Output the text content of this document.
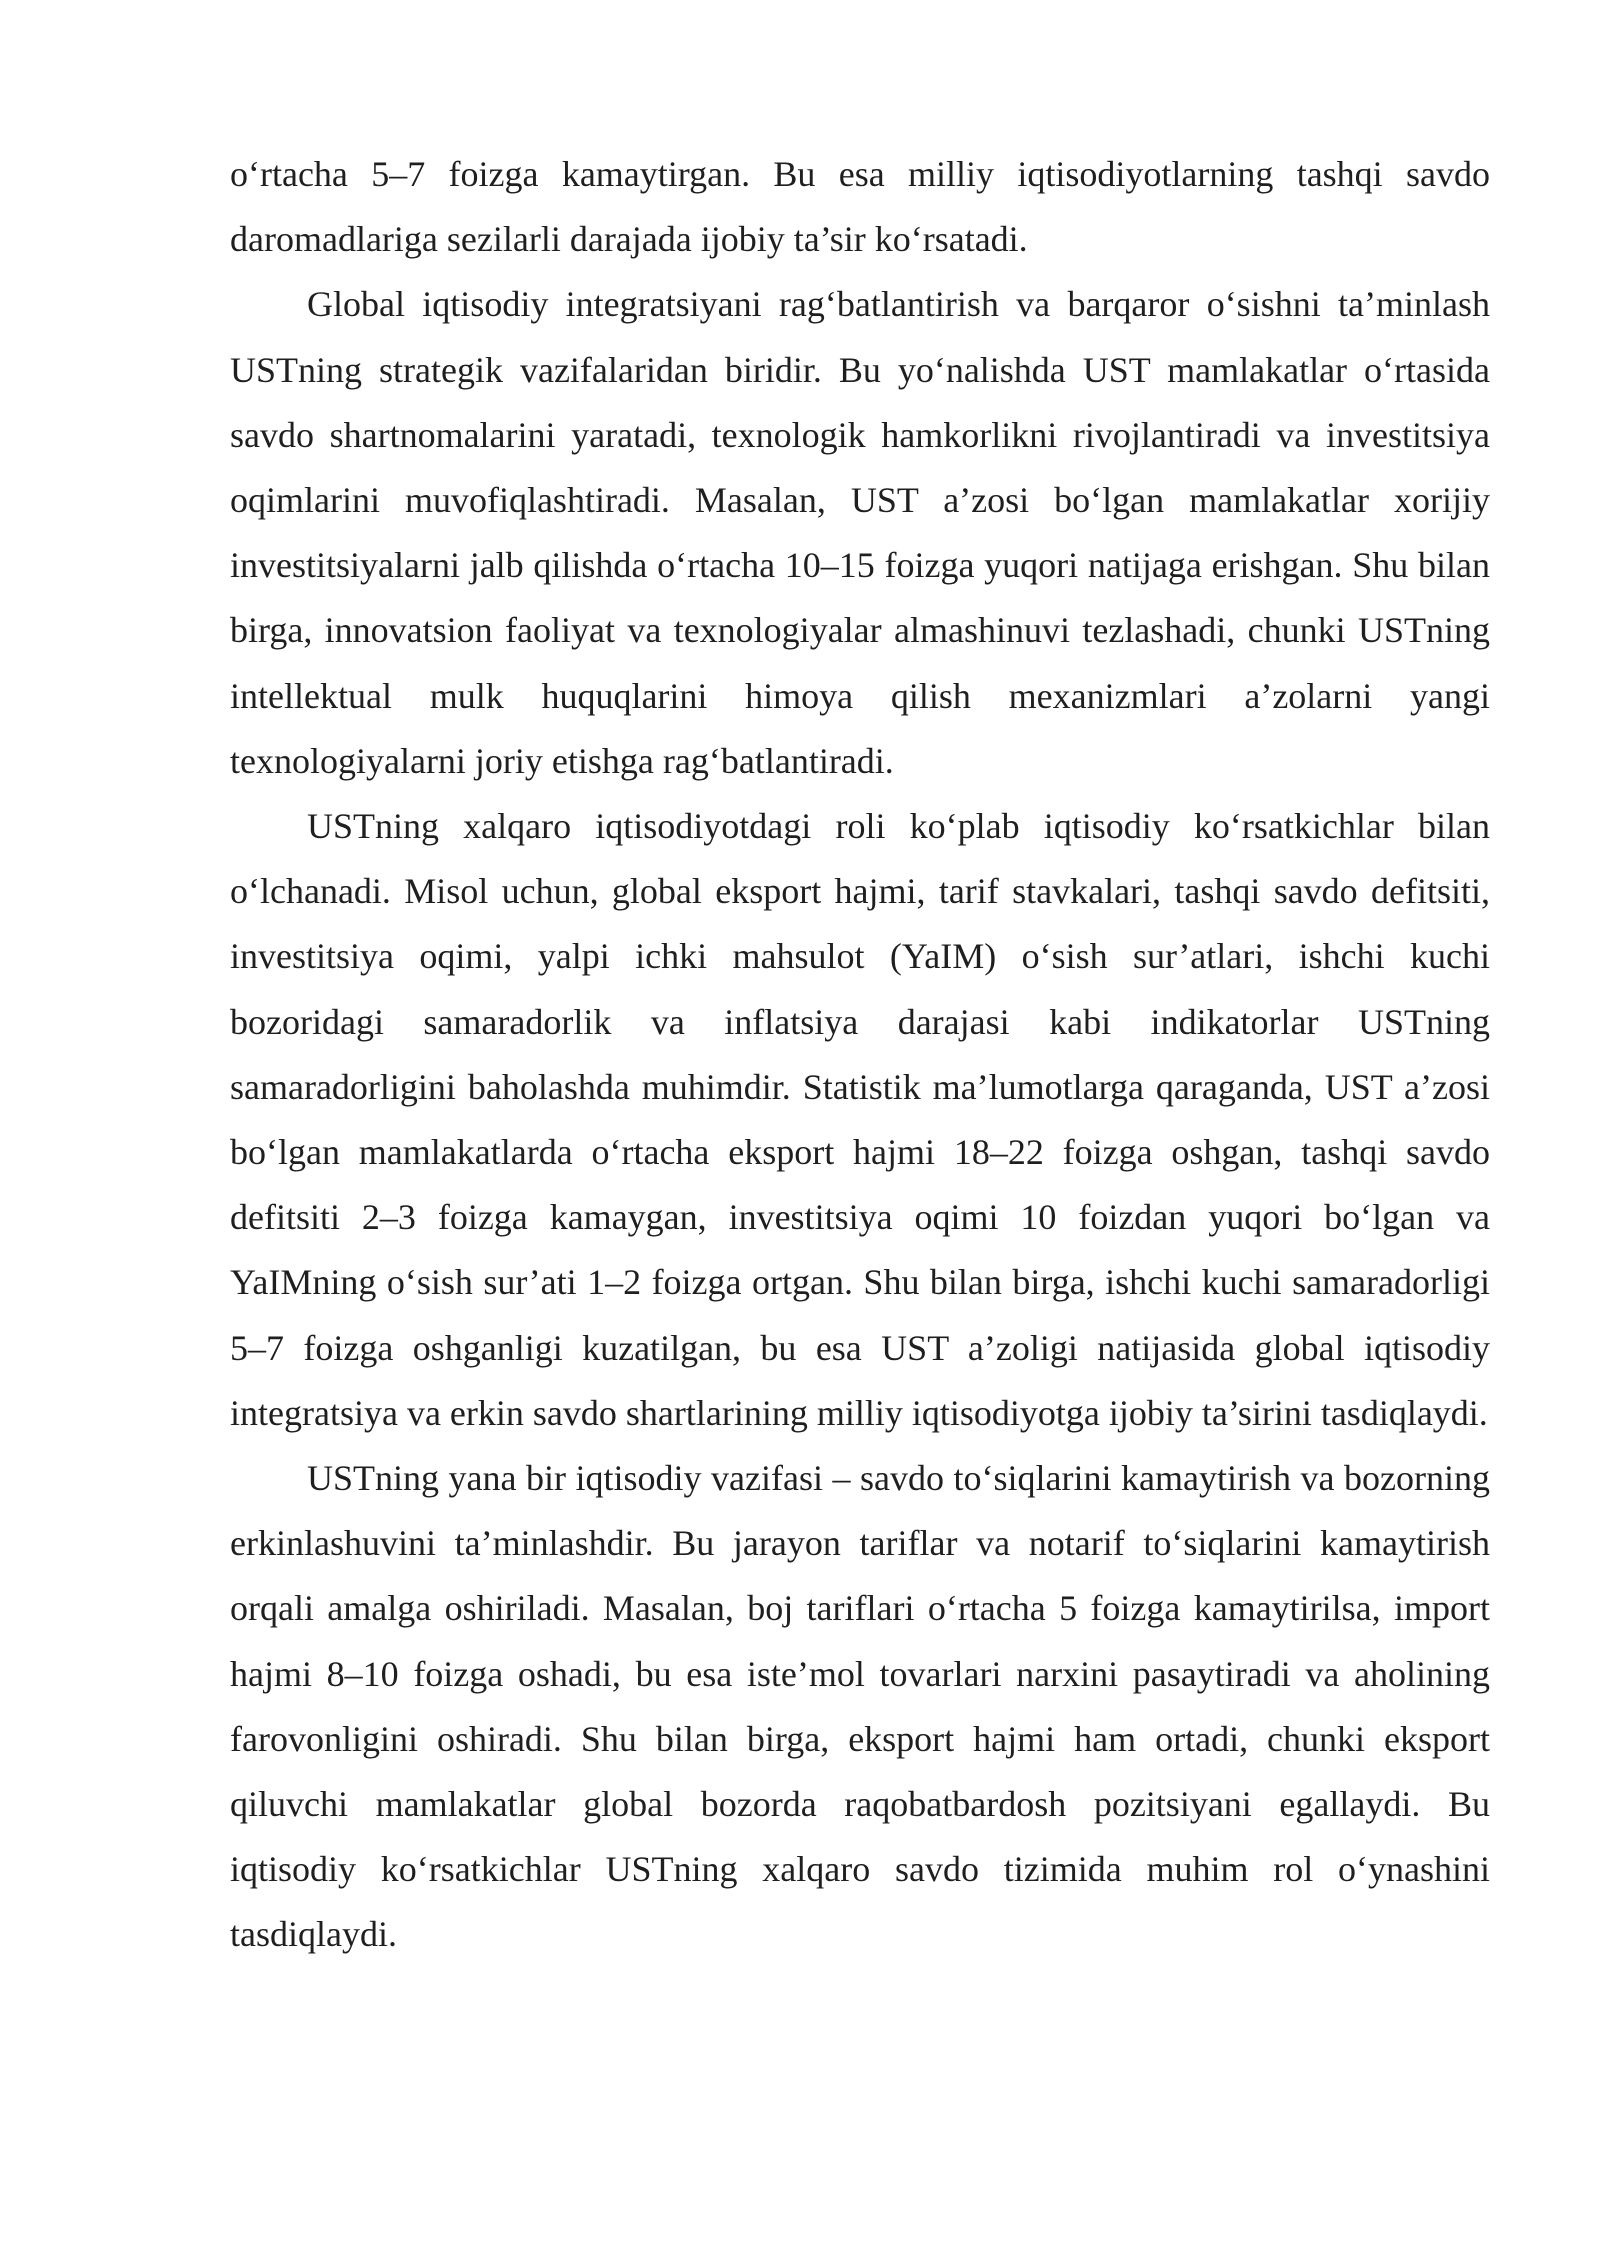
o‘rtacha 5–7 foizga kamaytirgan. Bu esa milliy iqtisodiyotlarning tashqi savdo daromadlariga sezilarli darajada ijobiy ta’sir ko‘rsatadi.

Global iqtisodiy integratsiyani rag‘batlantirish va barqaror o‘sishni ta’minlash USTning strategik vazifalaridan biridir. Bu yo‘nalishda UST mamlakatlar o‘rtasida savdo shartnomalarini yaratadi, texnologik hamkorlikni rivojlantiradi va investitsiya oqimlarini muvofiqlashtiradi. Masalan, UST a’zosi bo‘lgan mamlakatlar xorijiy investitsiyalarni jalb qilishda o‘rtacha 10–15 foizga yuqori natijaga erishgan. Shu bilan birga, innovatsion faoliyat va texnologiyalar almashinuvi tezlashadi, chunki USTning intellektual mulk huquqlarini himoya qilish mexanizmlari a’zolarni yangi texnologiyalarni joriy etishga rag‘batlantiradi.

USTning xalqaro iqtisodiyotdagi roli ko‘plab iqtisodiy ko‘rsatkichlar bilan o‘lchanadi. Misol uchun, global eksport hajmi, tarif stavkalari, tashqi savdo defitsiti, investitsiya oqimi, yalpi ichki mahsulot (YaIM) o‘sish sur’atlari, ishchi kuchi bozoridagi samaradorlik va inflatsiya darajasi kabi indikatorlar USTning samaradorligini baholashda muhimdir. Statistik ma’lumotlarga qaraganda, UST a’zosi bo‘lgan mamlakatlarda o‘rtacha eksport hajmi 18–22 foizga oshgan, tashqi savdo defitsiti 2–3 foizga kamaygan, investitsiya oqimi 10 foizdan yuqori bo‘lgan va YaIMning o‘sish sur’ati 1–2 foizga ortgan. Shu bilan birga, ishchi kuchi samaradorligi 5–7 foizga oshganligi kuzatilgan, bu esa UST a’zoligi natijasida global iqtisodiy integratsiya va erkin savdo shartlarining milliy iqtisodiyotga ijobiy ta’sirini tasdiqlaydi.

USTning yana bir iqtisodiy vazifasi – savdo to‘siqlarini kamaytirish va bozorning erkinlashuvini ta’minlashdir. Bu jarayon tariflar va notarif to‘siqlarini kamaytirish orqali amalga oshiriladi. Masalan, boj tariflari o‘rtacha 5 foizga kamaytirilsa, import hajmi 8–10 foizga oshadi, bu esa iste’mol tovarlari narxini pasaytiradi va aholining farovonligini oshiradi. Shu bilan birga, eksport hajmi ham ortadi, chunki eksport qiluvchi mamlakatlar global bozorda raqobatbardosh pozitsiyani egallaydi. Bu iqtisodiy ko‘rsatkichlar USTning xalqaro savdo tizimida muhim rol o‘ynashini tasdiqlaydi.
